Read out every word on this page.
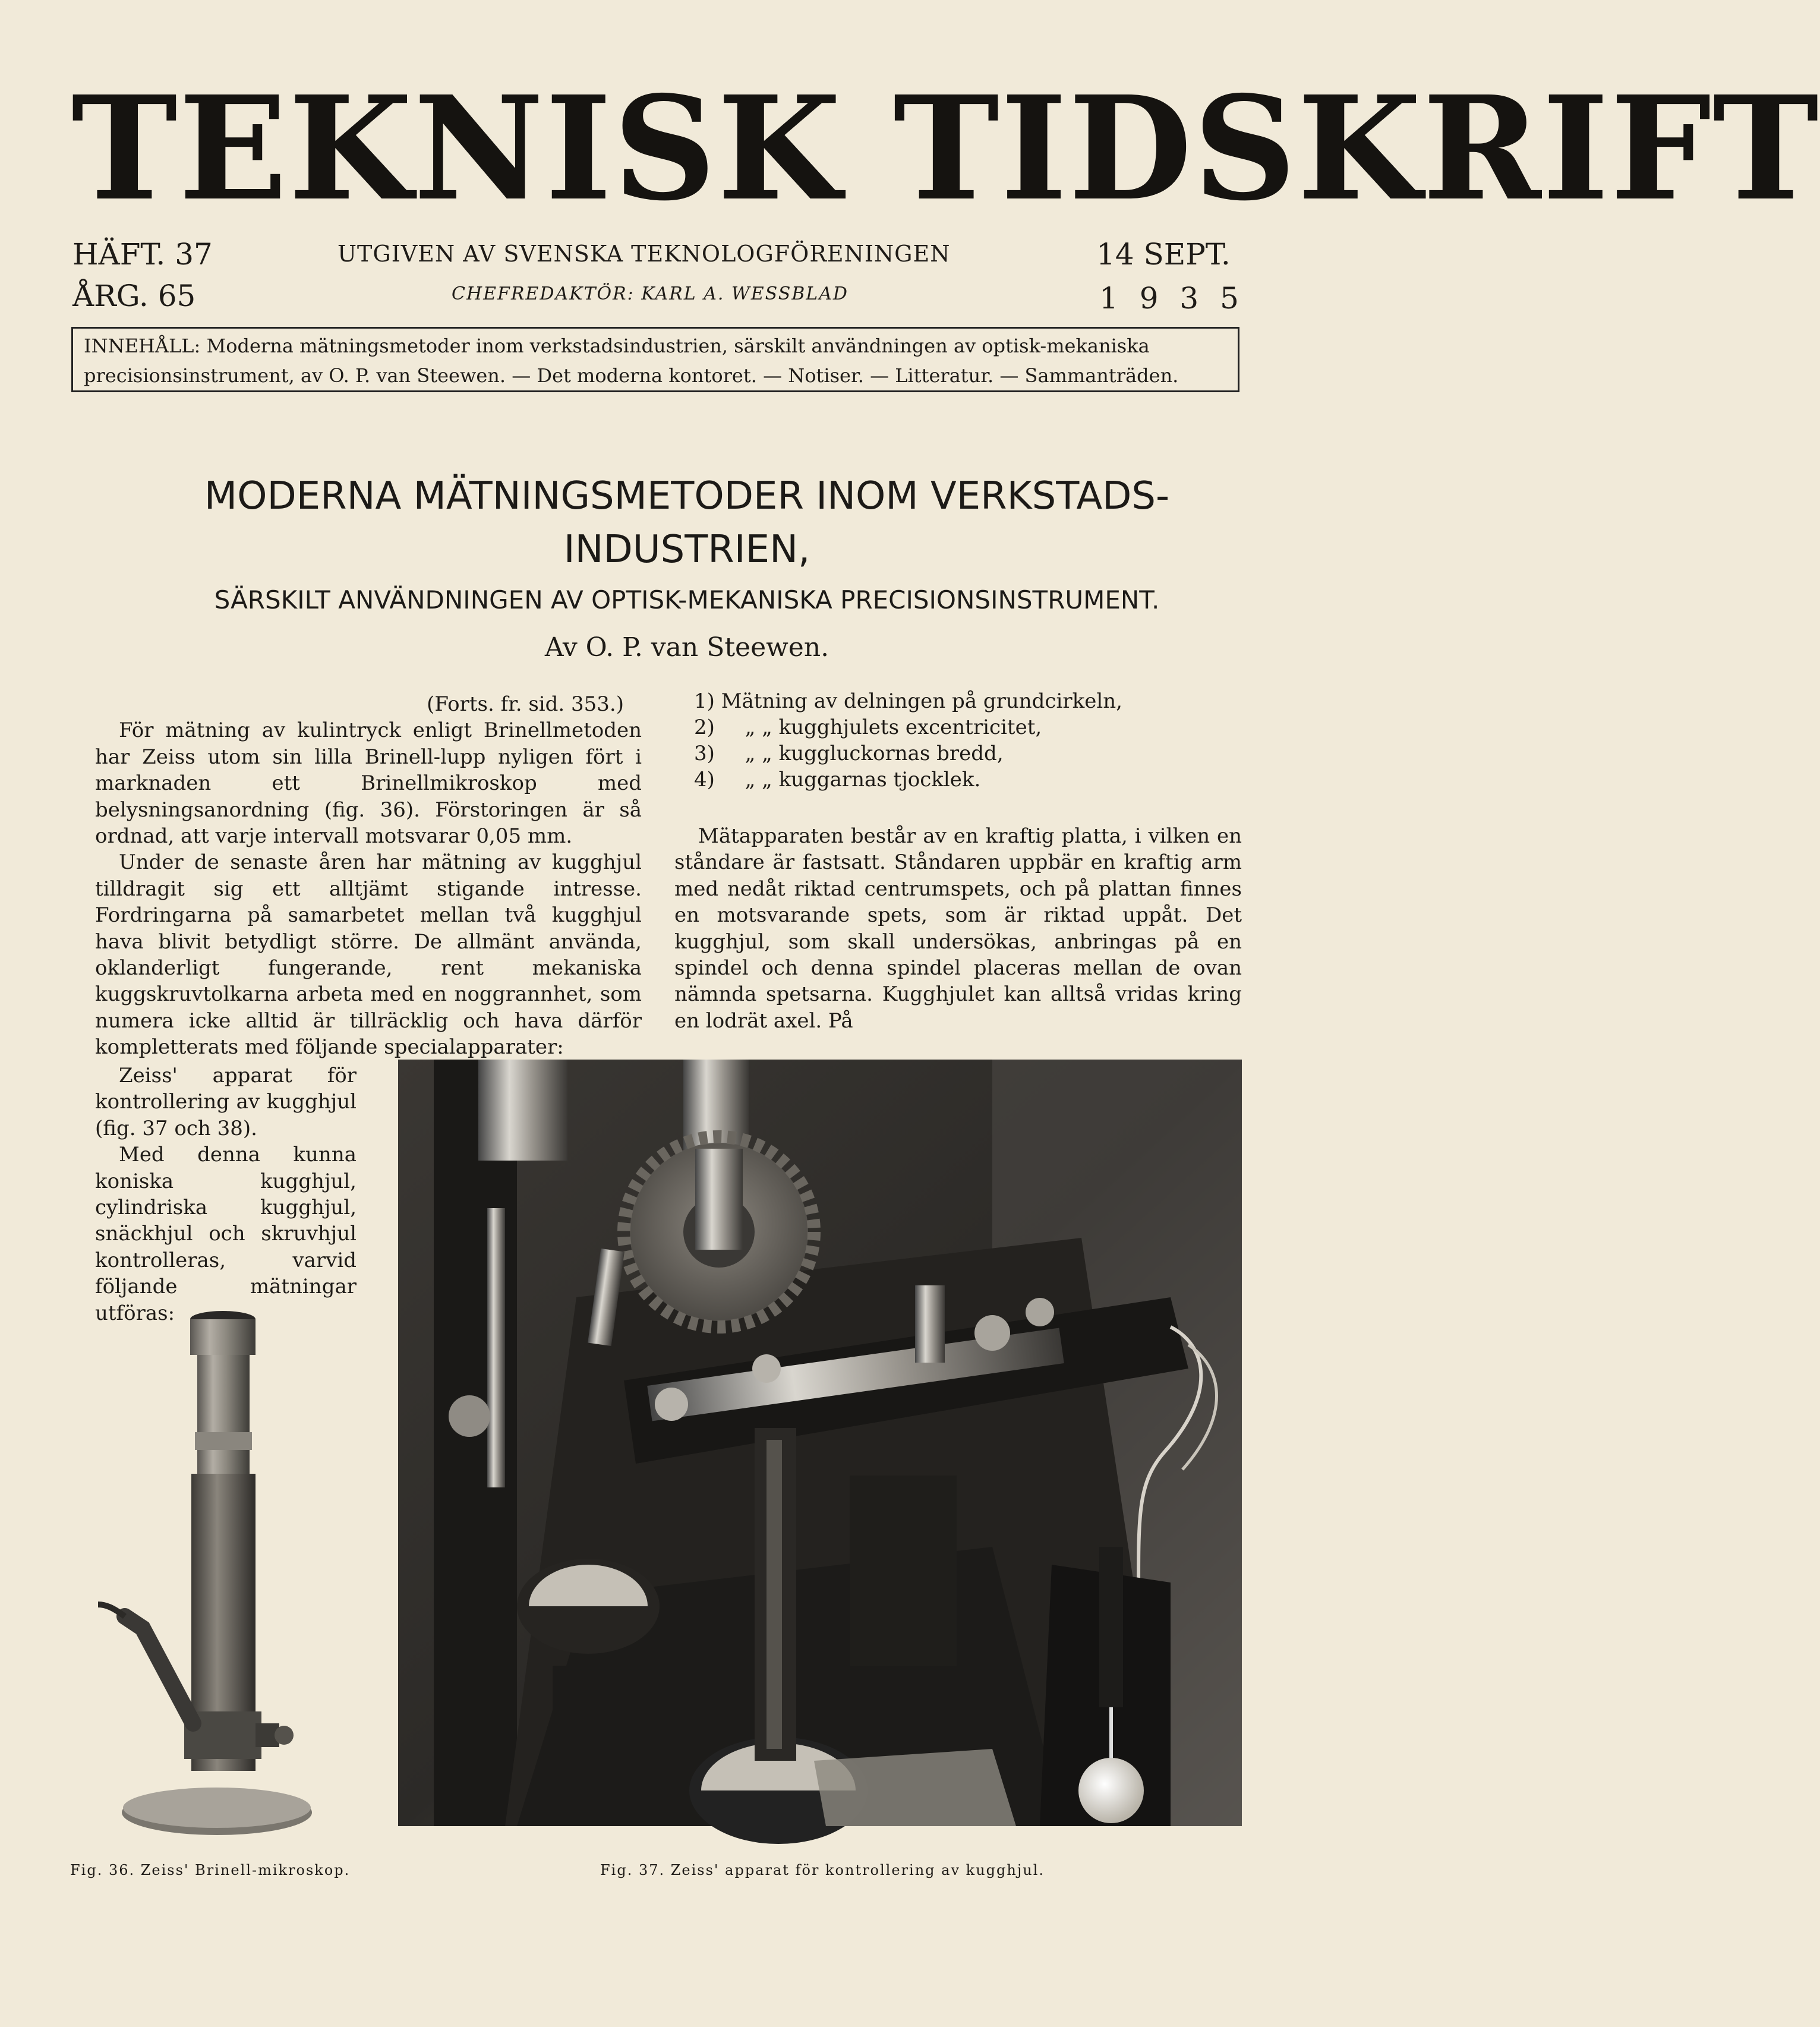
TEKNISK TIDSKRIFT
HÄFT. 37
ÅRG. 65
UTGIVEN AV SVENSKA TEKNOLOGFÖRENINGEN
CHEFREDAKTÖR: KARL A. WESSBLAD
14 SEPT.
1 9 3 5
INNEHÅLL: Moderna mätningsmetoder inom verkstadsindustrien, särskilt användningen av optisk-mekaniska
precisionsinstrument, av O. P. van Steewen. — Det moderna kontoret. — Notiser. — Litteratur. — Sammanträden.
MODERNA MÄTNINGSMETODER INOM VERKSTADS-
INDUSTRIEN,
SÄRSKILT ANVÄNDNINGEN AV OPTISK-MEKANISKA PRECISIONSINSTRUMENT.
Av O. P. van Steewen.

(Forts. fr. sid. 353.)

För mätning av kulintryck enligt Brinellmetoden har Zeiss utom sin lilla Brinell-lupp nyligen fört i marknaden ett Brinellmikroskop med belysningsanordning (fig. 36). Förstoringen är så ordnad, att varje intervall motsvarar 0,05 mm.

Under de senaste åren har mätning av kugghjul tilldragit sig ett alltjämt stigande intresse. Fordringarna på samarbetet mellan två kugghjul hava blivit betydligt större. De allmänt använda, oklanderligt fungerande, rent mekaniska kuggskruvtolkarna arbeta med en noggrannhet, som numera icke alltid är tillräcklig och hava därför kompletterats med följande specialapparater:

Zeiss' apparat för kontrollering av kugghjul (fig. 37 och 38).

Med denna kunna koniska kugghjul, cylindriska kugghjul, snäckhjul och skruvhjul kontrolleras, varvid följande mätningar utföras:

1) Mätning av delningen på grundcirkeln,
2) „ „ kugghjulets excentricitet,
3) „ „ kuggluckornas bredd,
4) „ „ kuggarnas tjocklek.

Mätapparaten består av en kraftig platta, i vilken en ståndare är fastsatt. Ståndaren uppbär en kraftig arm med nedåt riktad centrumspets, och på plattan finnes en motsvarande spets, som är riktad uppåt. Det kugghjul, som skall undersökas, anbringas på en spindel och denna spindel placeras mellan de ovan nämnda spetsarna. Kugghjulet kan alltså vridas kring en lodrät axel. På

Fig. 36. Zeiss' Brinell-mikroskop.	Fig. 37. Zeiss' apparat för kontrollering av kugghjul.
